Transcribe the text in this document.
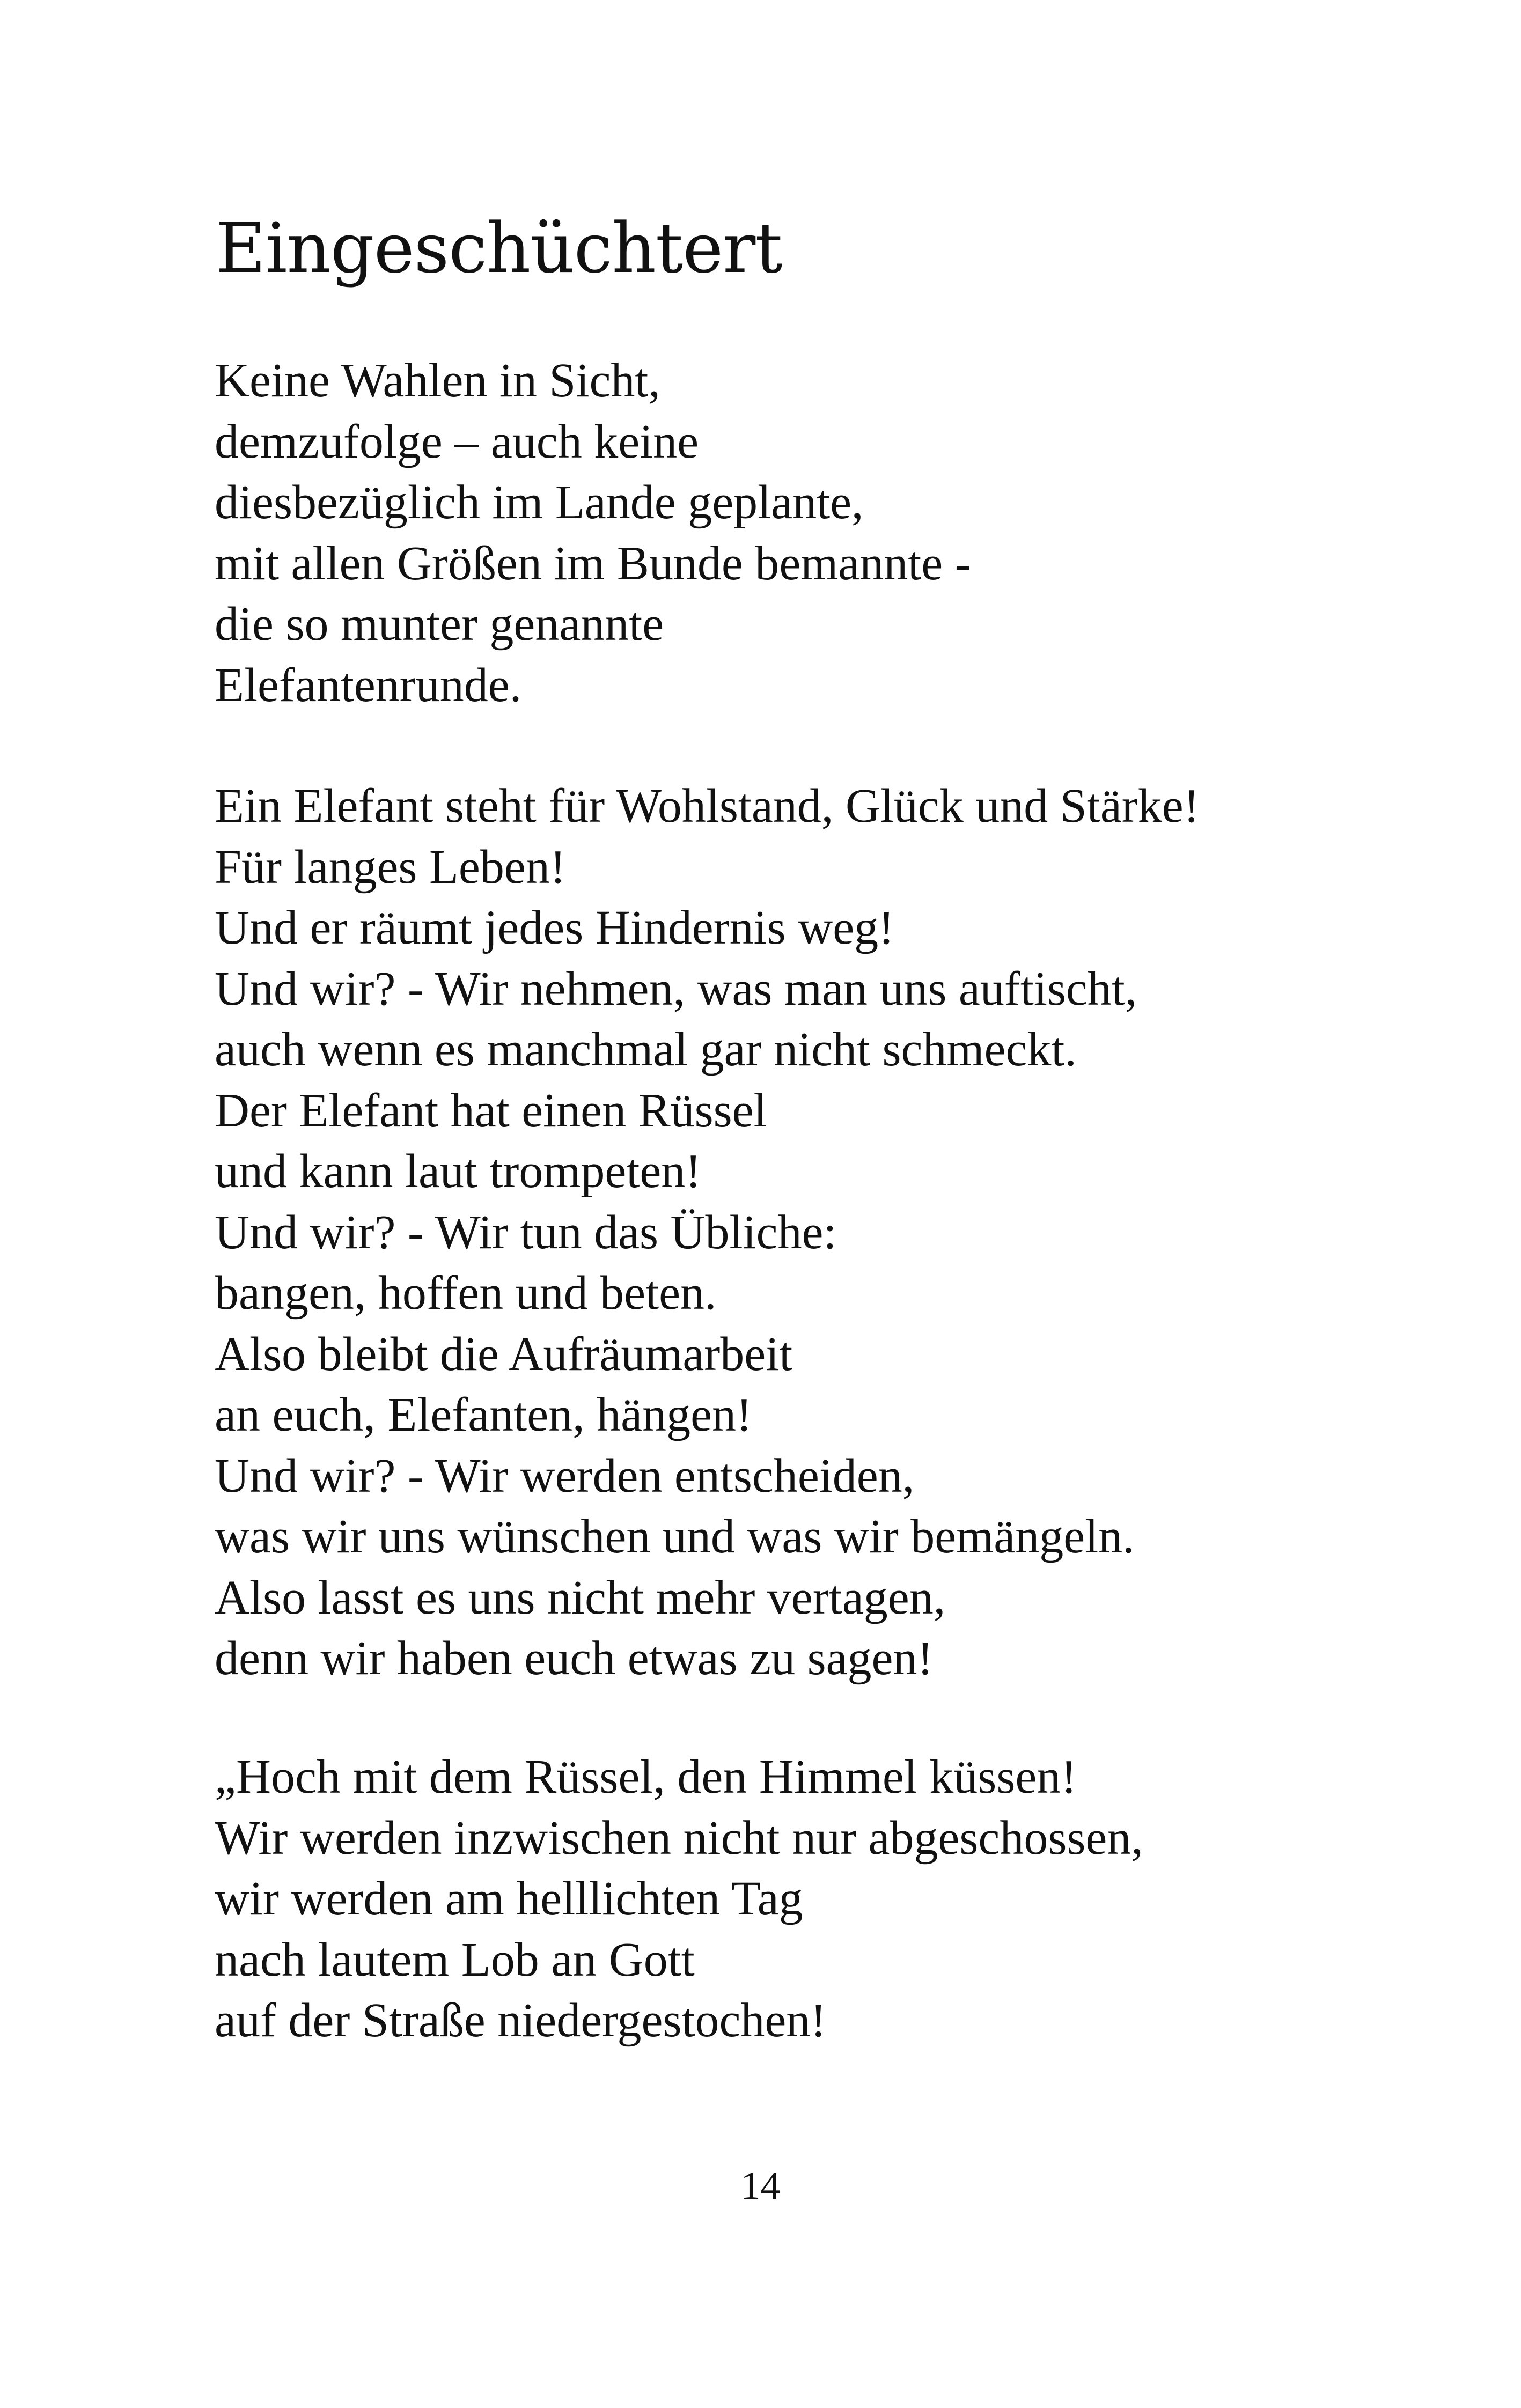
Eingeschüchtert
Keine Wahlen in Sicht,
demzufolge – auch keine
diesbezüglich im Lande geplante,
mit allen Größen im Bunde bemannte -
die so munter genannte
Elefantenrunde.
Ein Elefant steht für Wohlstand, Glück und Stärke!
Für langes Leben!
Und er räumt jedes Hindernis weg!
Und wir? - Wir nehmen, was man uns auftischt,
auch wenn es manchmal gar nicht schmeckt.
Der Elefant hat einen Rüssel
und kann laut trompeten!
Und wir? - Wir tun das Übliche:
bangen, hoffen und beten.
Also bleibt die Aufräumarbeit
an euch, Elefanten, hängen!
Und wir? - Wir werden entscheiden,
was wir uns wünschen und was wir bemängeln.
Also lasst es uns nicht mehr vertagen,
denn wir haben euch etwas zu sagen!
„Hoch mit dem Rüssel, den Himmel küssen!
Wir werden inzwischen nicht nur abgeschossen,
wir werden am helllichten Tag
nach lautem Lob an Gott
auf der Straße niedergestochen!
14
